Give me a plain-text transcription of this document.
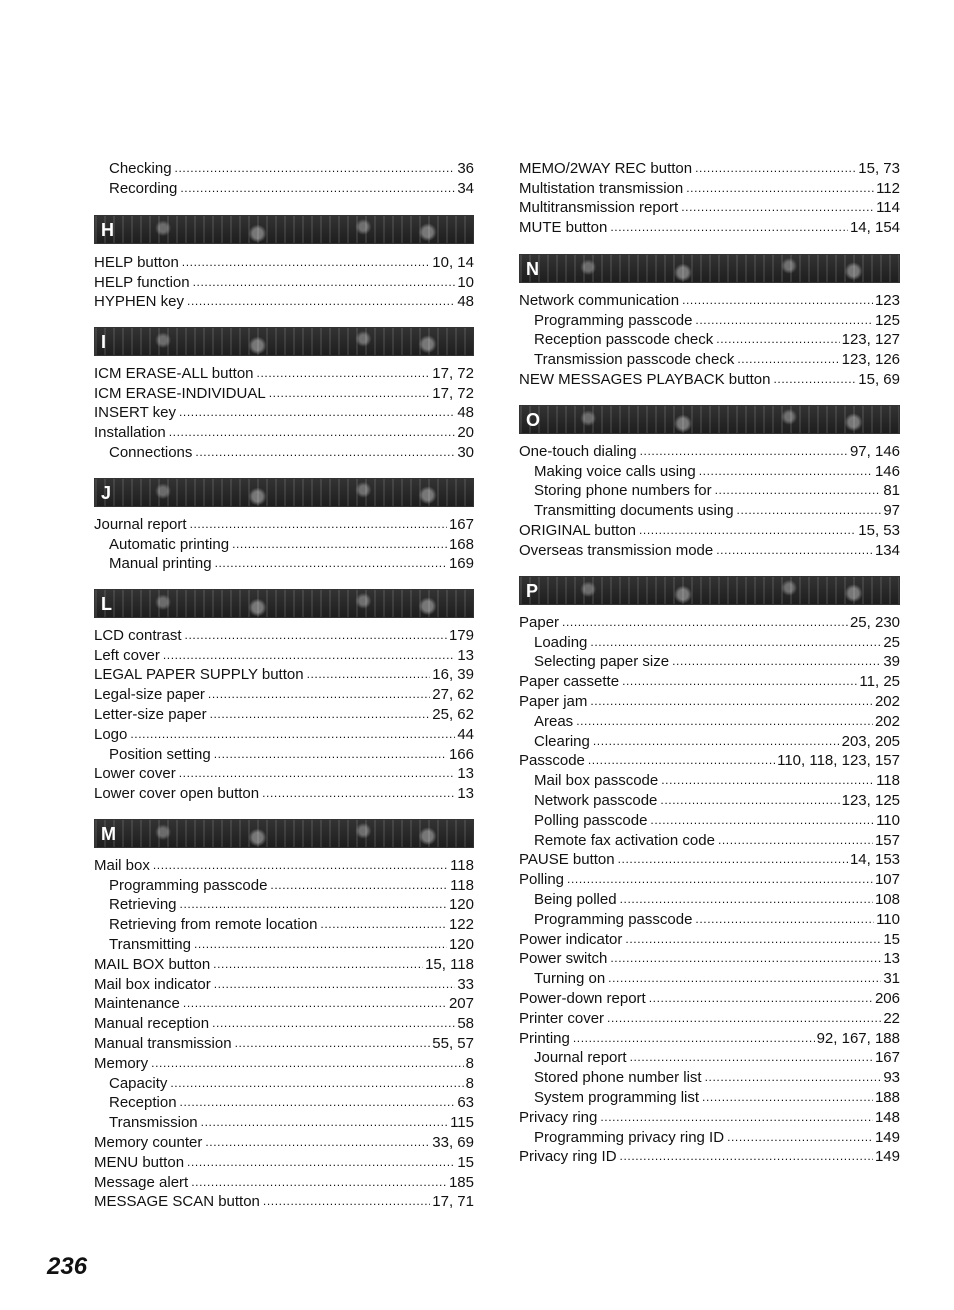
Checking .....	36
Recording .....	34
H
HELP button .....	10, 14
HELP function .....	10
HYPHEN key .....	48
I
ICM ERASE-ALL button .....	17, 72
ICM ERASE-INDIVIDUAL .....	17, 72
INSERT key .....	48
Installation .....	20
Connections .....	30
J
Journal report .....	167
Automatic printing .....	168
Manual printing .....	169
L
LCD contrast .....	179
Left cover .....	13
LEGAL PAPER SUPPLY button .....	16, 39
Legal-size paper .....	27, 62
Letter-size paper .....	25, 62
Logo .....	44
Position setting .....	166
Lower cover .....	13
Lower cover open button .....	13
M
Mail box .....	118
Programming passcode .....	118
Retrieving .....	120
Retrieving from remote location .....	122
Transmitting .....	120
MAIL BOX button .....	15, 118
Mail box indicator .....	33
Maintenance .....	207
Manual reception .....	58
Manual transmission .....	55, 57
Memory .....	8
Capacity .....	8
Reception .....	63
Transmission .....	115
Memory counter .....	33, 69
MENU button .....	15
Message alert .....	185
MESSAGE SCAN button .....	17, 71
MEMO/2WAY REC button .....	15, 73
Multistation transmission .....	112
Multitransmission report .....	114
MUTE button .....	14, 154
N
Network communication .....	123
Programming passcode .....	125
Reception passcode check .....	123, 127
Transmission passcode check .....	123, 126
NEW MESSAGES PLAYBACK button .....	15, 69
O
One-touch dialing .....	97, 146
Making voice calls using .....	146
Storing phone numbers for .....	81
Transmitting documents using .....	97
ORIGINAL button .....	15, 53
Overseas transmission mode .....	134
P
Paper .....	25, 230
Loading .....	25
Selecting paper size .....	39
Paper cassette .....	11, 25
Paper jam .....	202
Areas .....	202
Clearing .....	203, 205
Passcode .....	110, 118, 123, 157
Mail box passcode .....	118
Network passcode .....	123, 125
Polling passcode .....	110
Remote fax activation code .....	157
PAUSE button .....	14, 153
Polling .....	107
Being polled .....	108
Programming passcode .....	110
Power indicator .....	15
Power switch .....	13
Turning on .....	31
Power-down report .....	206
Printer cover .....	22
Printing .....	92, 167, 188
Journal report .....	167
Stored phone number list .....	93
System programming list .....	188
Privacy ring .....	148
Programming privacy ring ID .....	149
Privacy ring ID .....	149
236
